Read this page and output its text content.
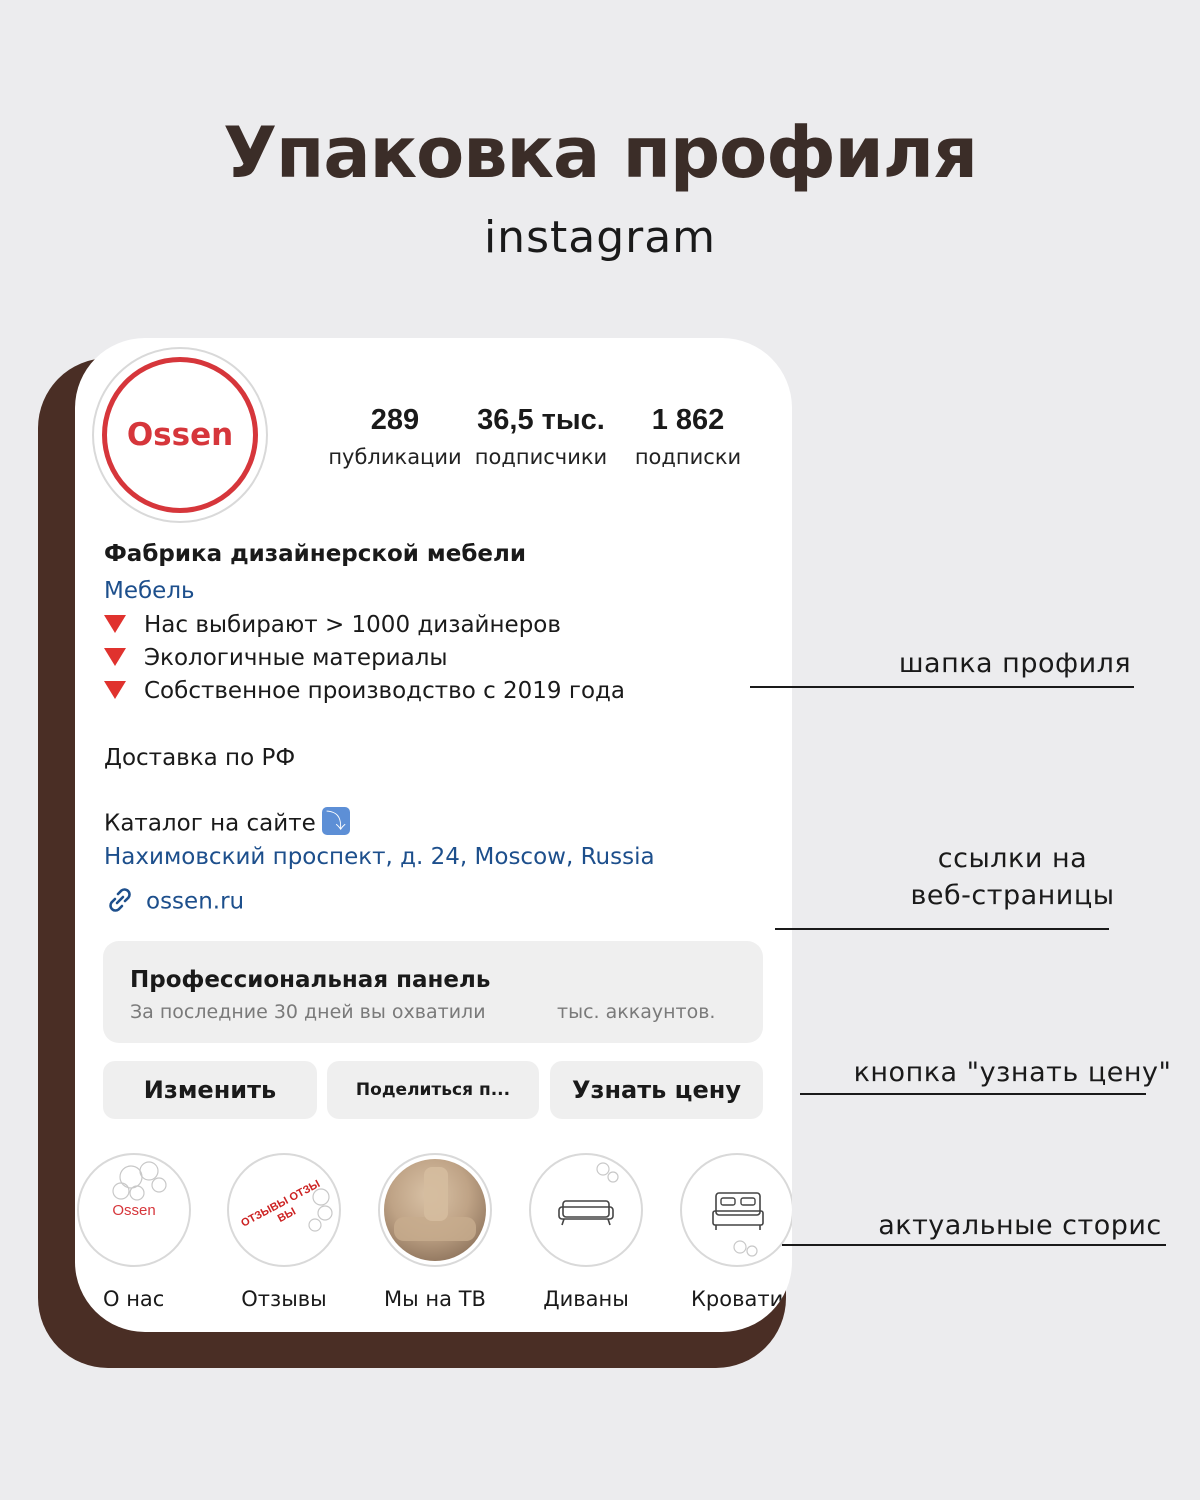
Упаковка профиля
instagram
Ossen	289
публикации
36,5 тыс.
подписчики
1 862
подписки
Фабрика дизайнерской мебели
Мебель
Нас выбирают > 1000 дизайнеров
Экологичные материалы
Собственное производство с 2019 года
Доставка по РФ
Каталог на сайте ⤵
Нахимовский проспект, д. 24, Moscow, Russia
ossen.ru
Профессиональная панель
За последние 30 дней вы охватили	тыс. аккаунтов.
Изменить	Поделиться п...	Узнать цену
Ossen
О нас
ОТЗЫВЫ ОТЗЫВЫ
Отзывы	Мы на ТВ	Диваны	Кровати
шапка профиля
ссылки на
веб-страницы
кнопка "узнать цену"
актуальные сторис
